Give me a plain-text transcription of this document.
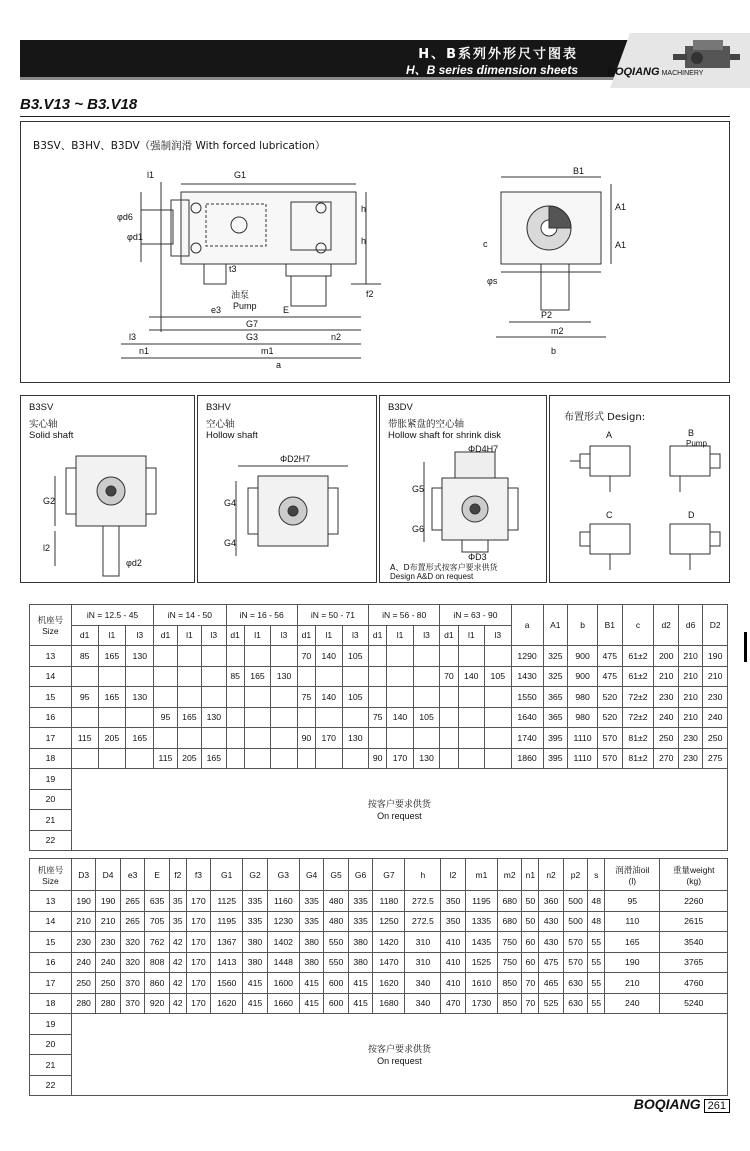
H、B系列外形尺寸图表
H、B series dimension sheets	BOQIANG MACHINERY
B3.V13 ~ B3.V18
B3SV、B3HV、B3DV（强制润滑 With forced lubrication）
l1	G1
h
h
φd6
φd1
t3
f2
油泵
Pump
e3	E
G7
G3	n2
l3
n1	m1
a
B1
A1
A1
c
φs
P2
m2
b
B3SV
实心轴
Solid shaft
G2
l2
φd2
B3HV
空心轴
Hollow shaft
ΦD2H7
G4
G4
B3DV
带胀紧盘的空心轴
Hollow shaft for shrink disk
ΦD4H7
G5
G6
ΦD3
A、D布置形式按客户要求供货
Design A&D on request
布置形式 Design:
A	B
Pump
C	D
机座号
Size	iN = 12.5 - 45			iN = 14 - 50			iN = 16 - 56			iN = 50 - 71			iN = 56 - 80			iN = 63 - 90			a	A1	b	B1	c	d2	d6	D2
	d1	l1	l3	d1	l1	l3	d1	l1	l3	d1	l1	l3	d1	l1	l3	d1	l1	l3								
13	85	165	130							70	140	105							1290	325	900	475	61±2	200	210	190
14							85	165	130							70	140	105	1430	325	900	475	61±2	210	210	210
15	95	165	130							75	140	105							1550	365	980	520	72±2	230	210	230
16				95	165	130							75	140	105				1640	365	980	520	72±2	240	210	240
17	115	205	165							90	170	130							1740	395	1110	570	81±2	250	230	250
18				115	205	165							90	170	130				1860	395	1110	570	81±2	270	230	275
19	按客户要求供货
On request																									

20																										
21																										
22																										
机座号
Size	D3	D4	e3	E	f2	f3	G1	G2	G3	G4	G5	G6	G7	h	l2	m1	m2	n1	n2	p2	s	润滑油oil
(l)	重量weight
(kg)
13	190	190	265	635	35	170	1125	335	1160	335	480	335	1180	272.5	350	1195	680	50	360	500	48	95	2260
14	210	210	265	705	35	170	1195	335	1230	335	480	335	1250	272.5	350	1335	680	50	430	500	48	110	2615
15	230	230	320	762	42	170	1367	380	1402	380	550	380	1420	310	410	1435	750	60	430	570	55	165	3540
16	240	240	320	808	42	170	1413	380	1448	380	550	380	1470	310	410	1525	750	60	475	570	55	190	3765
17	250	250	370	860	42	170	1560	415	1600	415	600	415	1620	340	410	1610	850	70	465	630	55	210	4760
18	280	280	370	920	42	170	1620	415	1660	415	600	415	1680	340	470	1730	850	70	525	630	55	240	5240
19	按客户要求供货
On request																						

20																							
21																							
22																							
BOQIANG 261
